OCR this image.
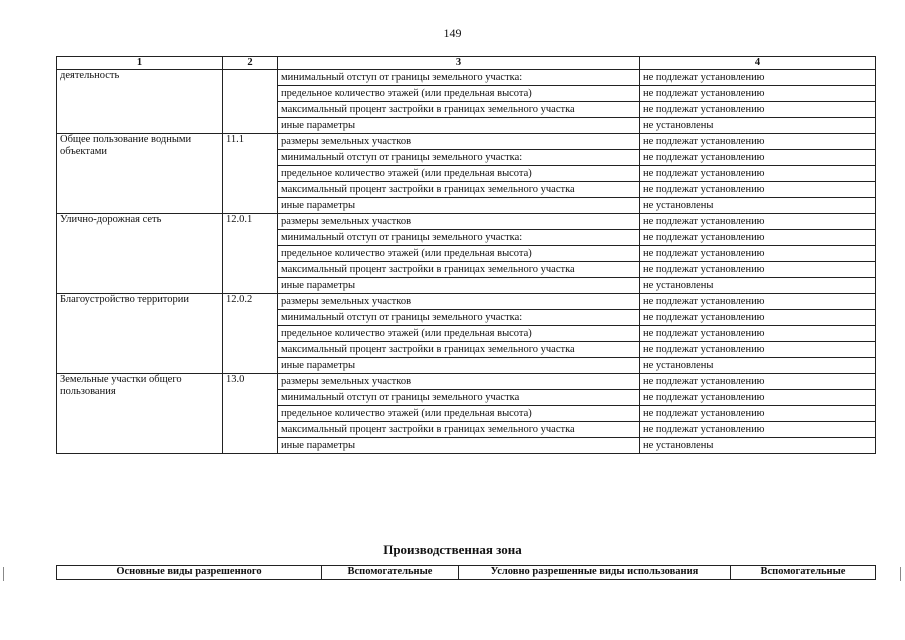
149
1	2	3	4
деятельность		минимальный отступ от границы земельного участка:	не подлежат установлению
		предельное количество этажей (или предельная высота)	не подлежат установлению
		максимальный процент застройки в границах земельного участка	не подлежат установлению
		иные параметры	не установлены
Общее пользование водными объектами	11.1	размеры земельных участков	не подлежат установлению
		минимальный отступ от границы земельного участка:	не подлежат установлению
		предельное количество этажей (или предельная высота)	не подлежат установлению
		максимальный процент застройки в границах земельного участка	не подлежат установлению
		иные параметры	не установлены
Улично-дорожная сеть	12.0.1	размеры земельных участков	не подлежат установлению
		минимальный отступ от границы земельного участка:	не подлежат установлению
		предельное количество этажей (или предельная высота)	не подлежат установлению
		максимальный процент застройки в границах земельного участка	не подлежат установлению
		иные параметры	не установлены
Благоустройство территории	12.0.2	размеры земельных участков	не подлежат установлению
		минимальный отступ от границы земельного участка:	не подлежат установлению
		предельное количество этажей (или предельная высота)	не подлежат установлению
		максимальный процент застройки в границах земельного участка	не подлежат установлению
		иные параметры	не установлены
Земельные участки общего пользования	13.0	размеры земельных участков	не подлежат установлению
		минимальный отступ от границы земельного участка	не подлежат установлению
		предельное количество этажей (или предельная высота)	не подлежат установлению
		максимальный процент застройки в границах земельного участка	не подлежат установлению
		иные параметры	не установлены
Производственная зона
Основные виды разрешенного	Вспомогательные	Условно разрешенные виды использования	Вспомогательные
